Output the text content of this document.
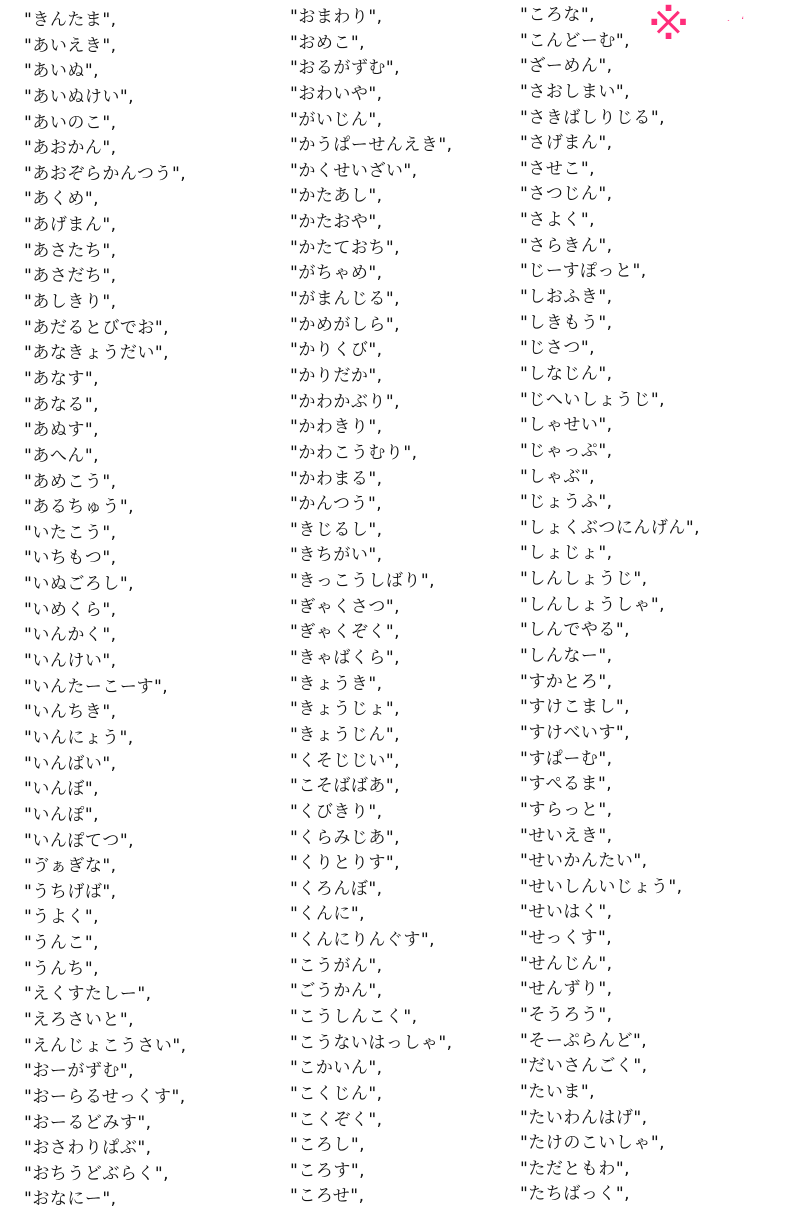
"きんたま",
"あいえき",
"あいぬ",
"あいぬけい",
"あいのこ",
"あおかん",
"あおぞらかんつう",
"あくめ",
"あげまん",
"あさたち",
"あさだち",
"あしきり",
"あだるとびでお",
"あなきょうだい",
"あなす",
"あなる",
"あぬす",
"あへん",
"あめこう",
"あるちゅう",
"いたこう",
"いちもつ",
"いぬごろし",
"いめくら",
"いんかく",
"いんけい",
"いんたーこーす",
"いんちき",
"いんにょう",
"いんばい",
"いんぼ",
"いんぽ",
"いんぽてつ",
"ゔぁぎな",
"うちげば",
"うよく",
"うんこ",
"うんち",
"えくすたしー",
"えろさいと",
"えんじょこうさい",
"おーがずむ",
"おーらるせっくす",
"おーるどみす",
"おさわりぱぶ",
"おちうどぶらく",
"おなにー",
"おまわり",
"おめこ",
"おるがずむ",
"おわいや",
"がいじん",
"かうぱーせんえき",
"かくせいざい",
"かたあし",
"かたおや",
"かたておち",
"がちゃめ",
"がまんじる",
"かめがしら",
"かりくび",
"かりだか",
"かわかぶり",
"かわきり",
"かわこうむり",
"かわまる",
"かんつう",
"きじるし",
"きちがい",
"きっこうしばり",
"ぎゃくさつ",
"ぎゃくぞく",
"きゃばくら",
"きょうき",
"きょうじょ",
"きょうじん",
"くそじじい",
"こそばばあ",
"くびきり",
"くらみじあ",
"くりとりす",
"くろんぼ",
"くんに",
"くんにりんぐす",
"こうがん",
"ごうかん",
"こうしんこく",
"こうないはっしゃ",
"こかいん",
"こくじん",
"こくぞく",
"ころし",
"ころす",
"ころせ",
"ころな",
"こんどーむ",
"ざーめん",
"さおしまい",
"さきばしりじる",
"さげまん",
"させこ",
"さつじん",
"さよく",
"さらきん",
"じーすぽっと",
"しおふき",
"しきもう",
"じさつ",
"しなじん",
"じへいしょうじ",
"しゃせい",
"じゃっぷ",
"しゃぶ",
"じょうふ",
"しょくぶつにんげん",
"しょじょ",
"しんしょうじ",
"しんしょうしゃ",
"しんでやる",
"しんなー",
"すかとろ",
"すけこまし",
"すけべいす",
"すぱーむ",
"すぺるま",
"すらっと",
"せいえき",
"せいかんたい",
"せいしんいじょう",
"せいはく",
"せっくす",
"せんじん",
"せんずり",
"そうろう",
"そーぷらんど",
"だいさんごく",
"たいま",
"たいわんはげ",
"たけのこいしゃ",
"ただともわ",
"たちばっく",
※一例
